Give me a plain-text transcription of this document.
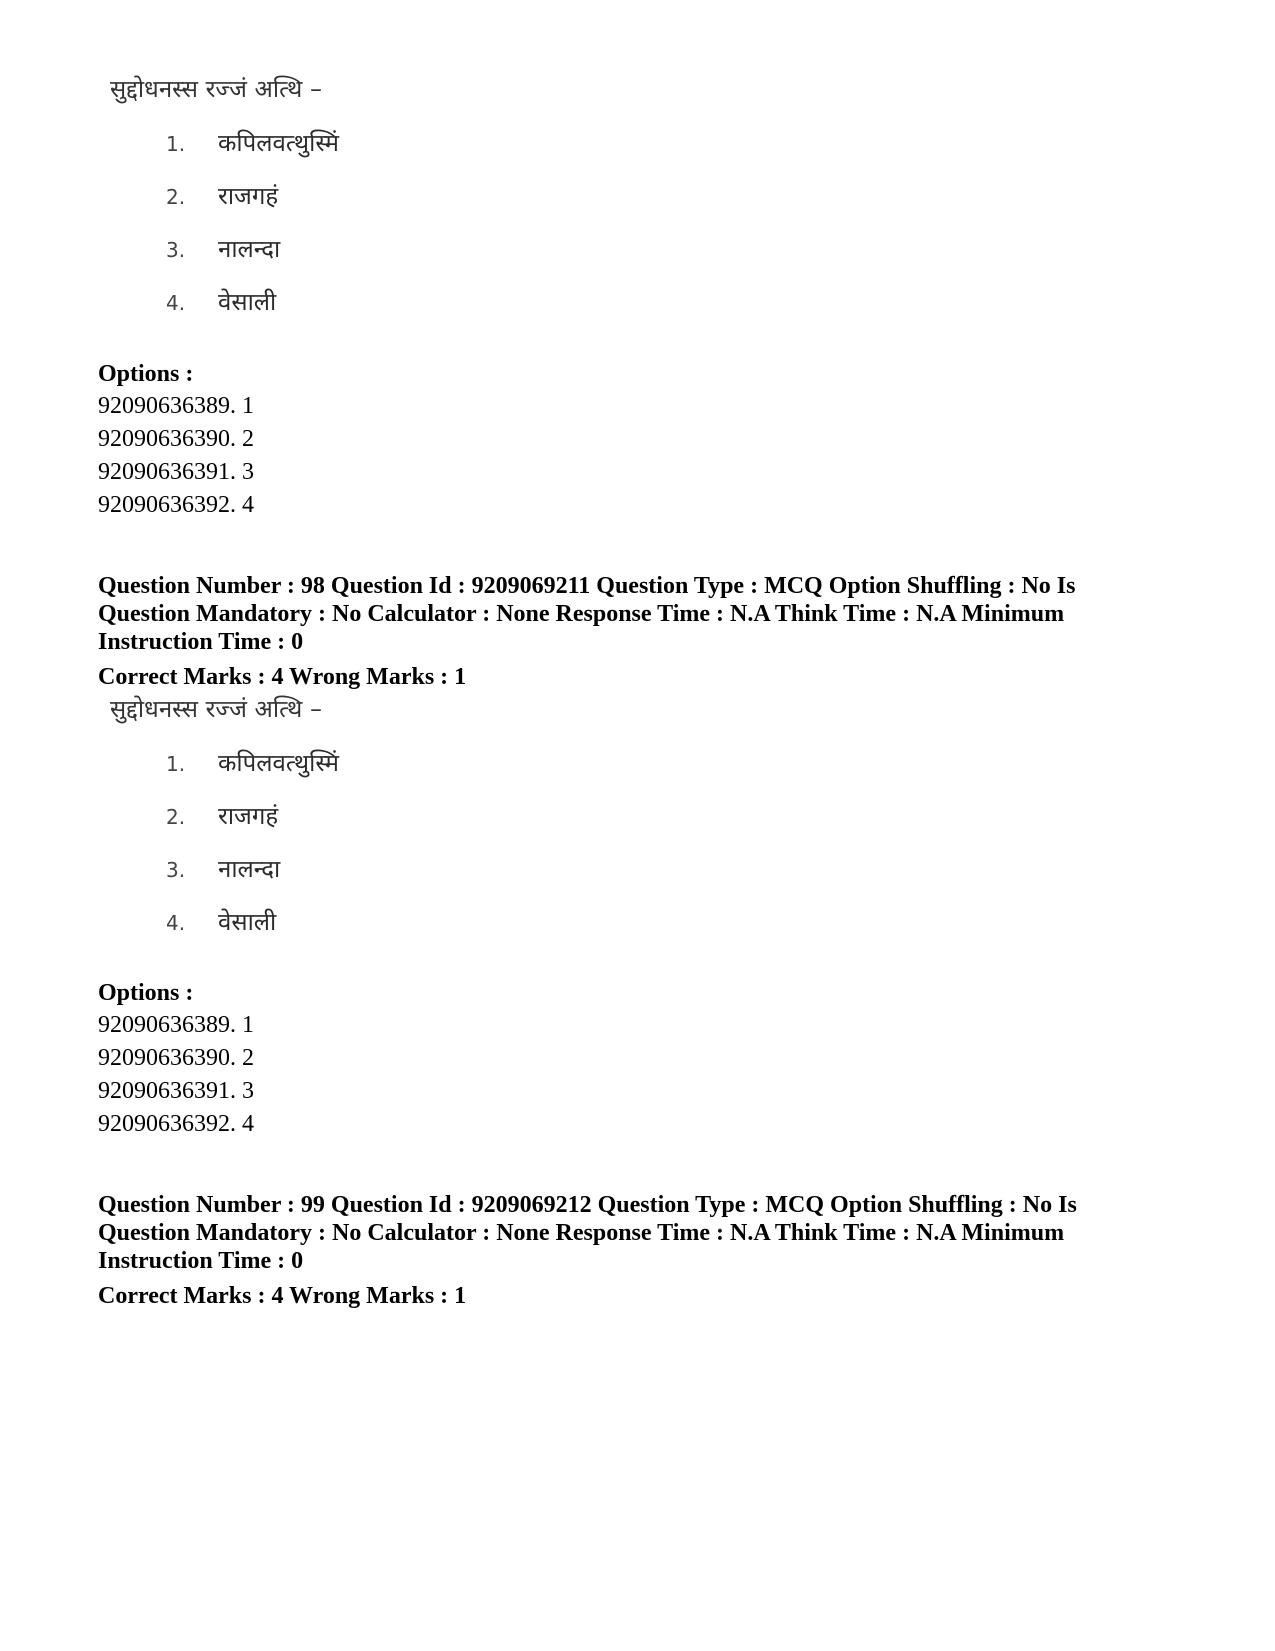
सुद्दोधनस्स रज्जं अत्थि –
1. कपिलवत्थुस्मिं
2. राजगहं
3. नालन्दा
4. वेसाली
Options :
92090636389. 1
92090636390. 2
92090636391. 3
92090636392. 4
Question Number : 98 Question Id : 9209069211 Question Type : MCQ Option Shuffling : No Is
Question Mandatory : No Calculator : None Response Time : N.A Think Time : N.A Minimum
Instruction Time : 0
Correct Marks : 4 Wrong Marks : 1
सुद्दोधनस्स रज्जं अत्थि –
1. कपिलवत्थुस्मिं
2. राजगहं
3. नालन्दा
4. वेसाली
Options :
92090636389. 1
92090636390. 2
92090636391. 3
92090636392. 4
Question Number : 99 Question Id : 9209069212 Question Type : MCQ Option Shuffling : No Is
Question Mandatory : No Calculator : None Response Time : N.A Think Time : N.A Minimum
Instruction Time : 0
Correct Marks : 4 Wrong Marks : 1
